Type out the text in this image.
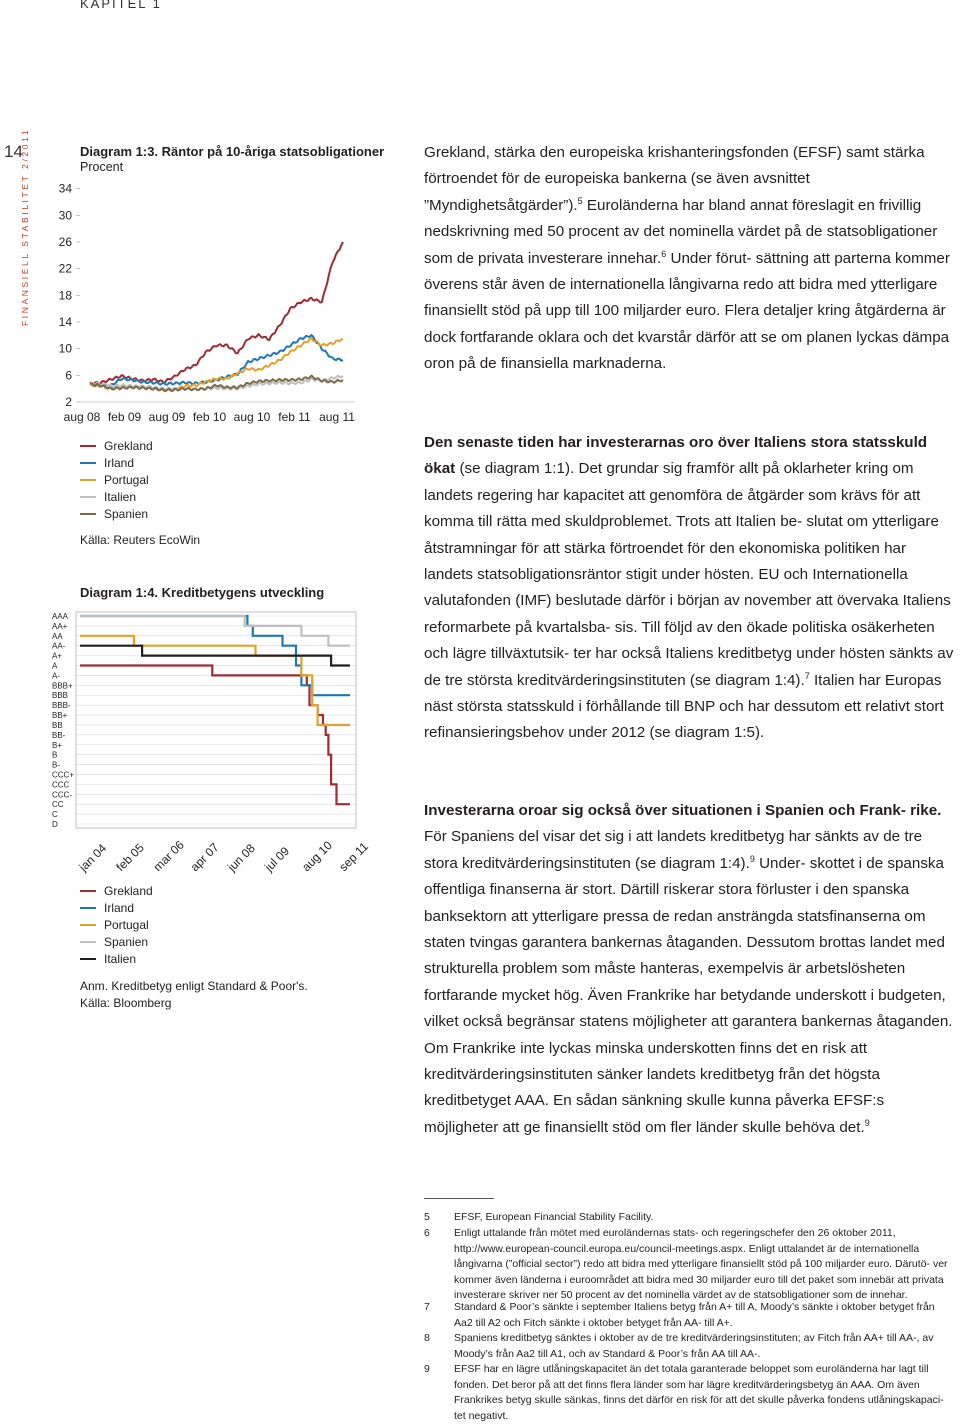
KAPITEL 1
14
FINANSIELL STABILITET 2/2011	Diagram 1:3. Räntor på 10-åriga statsobligationer
Procent
34
30
26
22
18
14
10
6
2
aug 08 feb 09 aug 09 feb 10 aug 10 feb 11 aug 11
Grekland
Irland
Portugal
Italien
Spanien
Källa: Reuters EcoWin
Diagram 1:4. Kreditbetygens utveckling
AAA
AA+
AA
AA-
A+
A
A-
BBB+
BBB
BBB-
BB+
BB
BB-
B+
B
B-
CCC+
CCC
CCC-
CC
C
D
jan 04 feb 05 mar 06 apr 07 jun 08 jul 09 aug 10 sep 11
Grekland
Irland
Portugal
Spanien
Italien
Anm. Kreditbetyg enligt Standard & Poor's.
Källa: Bloomberg

Grekland, stärka den europeiska krishanteringsfonden (EFSF) samt stärka förtroendet för de europeiska bankerna (se även avsnittet ”Myndighetsåtgärder”).$^5$ Euroländerna har bland annat föreslagit en frivillig nedskrivning med 50 procent av det nominella värdet på de statsobligationer som de privata investerare innehar.$^6$ Under förut- sättning att parterna kommer överens står även de internationella långivarna redo att bidra med ytterligare finansiellt stöd på upp till 100 miljarder euro. Flera detaljer kring åtgärderna är dock fortfarande oklara och det kvarstår därför att se om planen lyckas dämpa oron på de finansiella marknaderna.

Den senaste tiden har investerarnas oro över Italiens stora statsskuld ökat (se diagram 1:1). Det grundar sig framför allt på oklarheter kring om landets regering har kapacitet att genomföra de åtgärder som krävs för att komma till rätta med skuldproblemet. Trots att Italien be- slutat om ytterligare åtstramningar för att stärka förtroendet för den ekonomiska politiken har landets statsobligationsräntor stigit under hösten. EU och Internationella valutafonden (IMF) beslutade därför i början av november att övervaka Italiens reformarbete på kvartalsba- sis. Till följd av den ökade politiska osäkerheten och lägre tillväxtutsik- ter har också Italiens kreditbetyg under hösten sänkts av de tre största kreditvärderingsinstituten (se diagram 1:4).$^7$ Italien har Europas näst största statsskuld i förhållande till BNP och har dessutom ett relativt stort refinansieringsbehov under 2012 (se diagram 1:5).

Investerarna oroar sig också över situationen i Spanien och Frank- rike. För Spaniens del visar det sig i att landets kreditbetyg har sänkts av de tre stora kreditvärderingsinstituten (se diagram 1:4).$^9$ Under- skottet i de spanska offentliga finanserna är stort. Därtill riskerar stora förluster i den spanska banksektorn att ytterligare pressa de redan ansträngda statsfinanserna om staten tvingas garantera bankernas åtaganden. Dessutom brottas landet med strukturella problem som måste hanteras, exempelvis är arbetslösheten fortfarande mycket hög. Även Frankrike har betydande underskott i budgeten, vilket också begränsar statens möjligheter att garantera bankernas åtaganden. Om Frankrike inte lyckas minska underskotten finns det en risk att kreditvärderingsinstituten sänker landets kreditbetyg från det högsta kreditbetyget AAA. En sådan sänkning skulle kunna påverka EFSF:s möjligheter att ge finansiellt stöd om fler länder skulle behöva det.$^9$

5 EFSF, European Financial Stability Facility.
6 Enligt uttalande från mötet med euroländernas stats- och regeringschefer den 26 oktober 2011, http://www.european-council.europa.eu/council-meetings.aspx. Enligt uttalandet är de internationella långivarna (”official sector”) redo att bidra med ytterligare finansiellt stöd på 100 miljarder euro. Därutö- ver kommer även länderna i euroområdet att bidra med 30 miljarder euro till det paket som innebär att privata investerare skriver ner 50 procent av det nominella värdet av de statsobligationer som de innehar.
7 Standard & Poor’s sänkte i september Italiens betyg från A+ till A, Moody’s sänkte i oktober betyget från Aa2 till A2 och Fitch sänkte i oktober betyget från AA- till A+.
8 Spaniens kreditbetyg sänktes i oktober av de tre kreditvärderingsinstituten; av Fitch från AA+ till AA-, av Moody’s från Aa2 till A1, och av Standard & Poor’s från AA till AA-.
9 EFSF har en lägre utlåningskapacitet än det totala garanterade beloppet som euroländerna har lagt till fonden. Det beror på att det finns flera länder som har lägre kreditvärderingsbetyg än AAA. Om även Frankrikes betyg skulle sänkas, finns det därför en risk för att det skulle påverka fondens utlåningskapaci- tet negativt.
